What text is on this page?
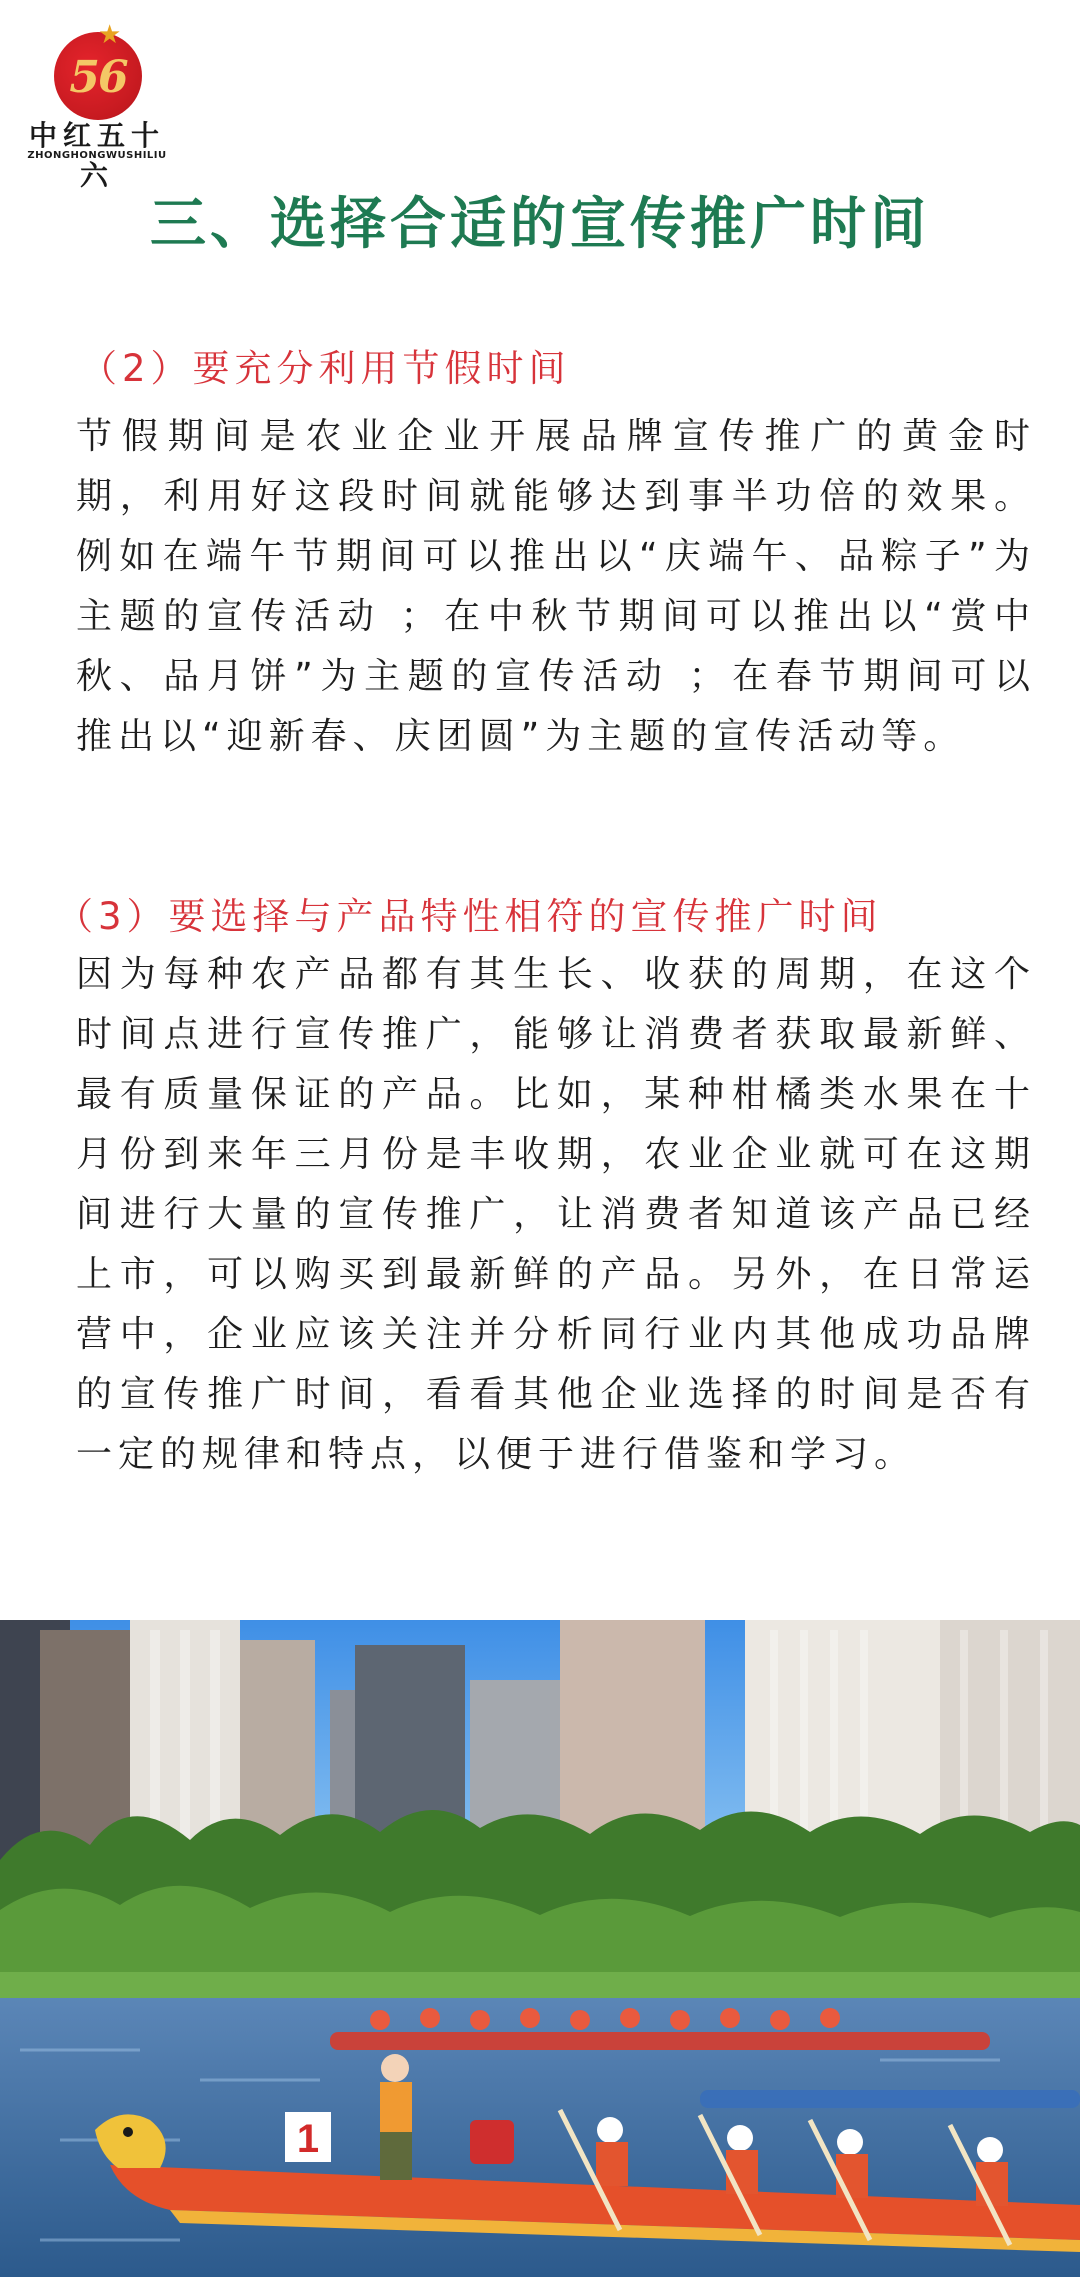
★
56
中红五十六
ZHONGHONGWUSHILIU
三、选择合适的宣传推广时间
（2）要充分利用节假时间
节假期间是农业企业开展品牌宣传推广的黄金时期，利用好这段时间就能够达到事半功倍的效果。例如在端午节期间可以推出以“庆端午、品粽子”为主题的宣传活动 ；在中秋节期间可以推出以“赏中秋、品月饼”为主题的宣传活动 ；在春节期间可以推出以“迎新春、庆团圆”为主题的宣传活动等。
（3）要选择与产品特性相符的宣传推广时间
因为每种农产品都有其生长、收获的周期，在这个时间点进行宣传推广，能够让消费者获取最新鲜、最有质量保证的产品。比如，某种柑橘类水果在十月份到来年三月份是丰收期，农业企业就可在这期间进行大量的宣传推广，让消费者知道该产品已经上市，可以购买到最新鲜的产品。另外，在日常运营中，企业应该关注并分析同行业内其他成功品牌的宣传推广时间，看看其他企业选择的时间是否有一定的规律和特点，以便于进行借鉴和学习。
1
